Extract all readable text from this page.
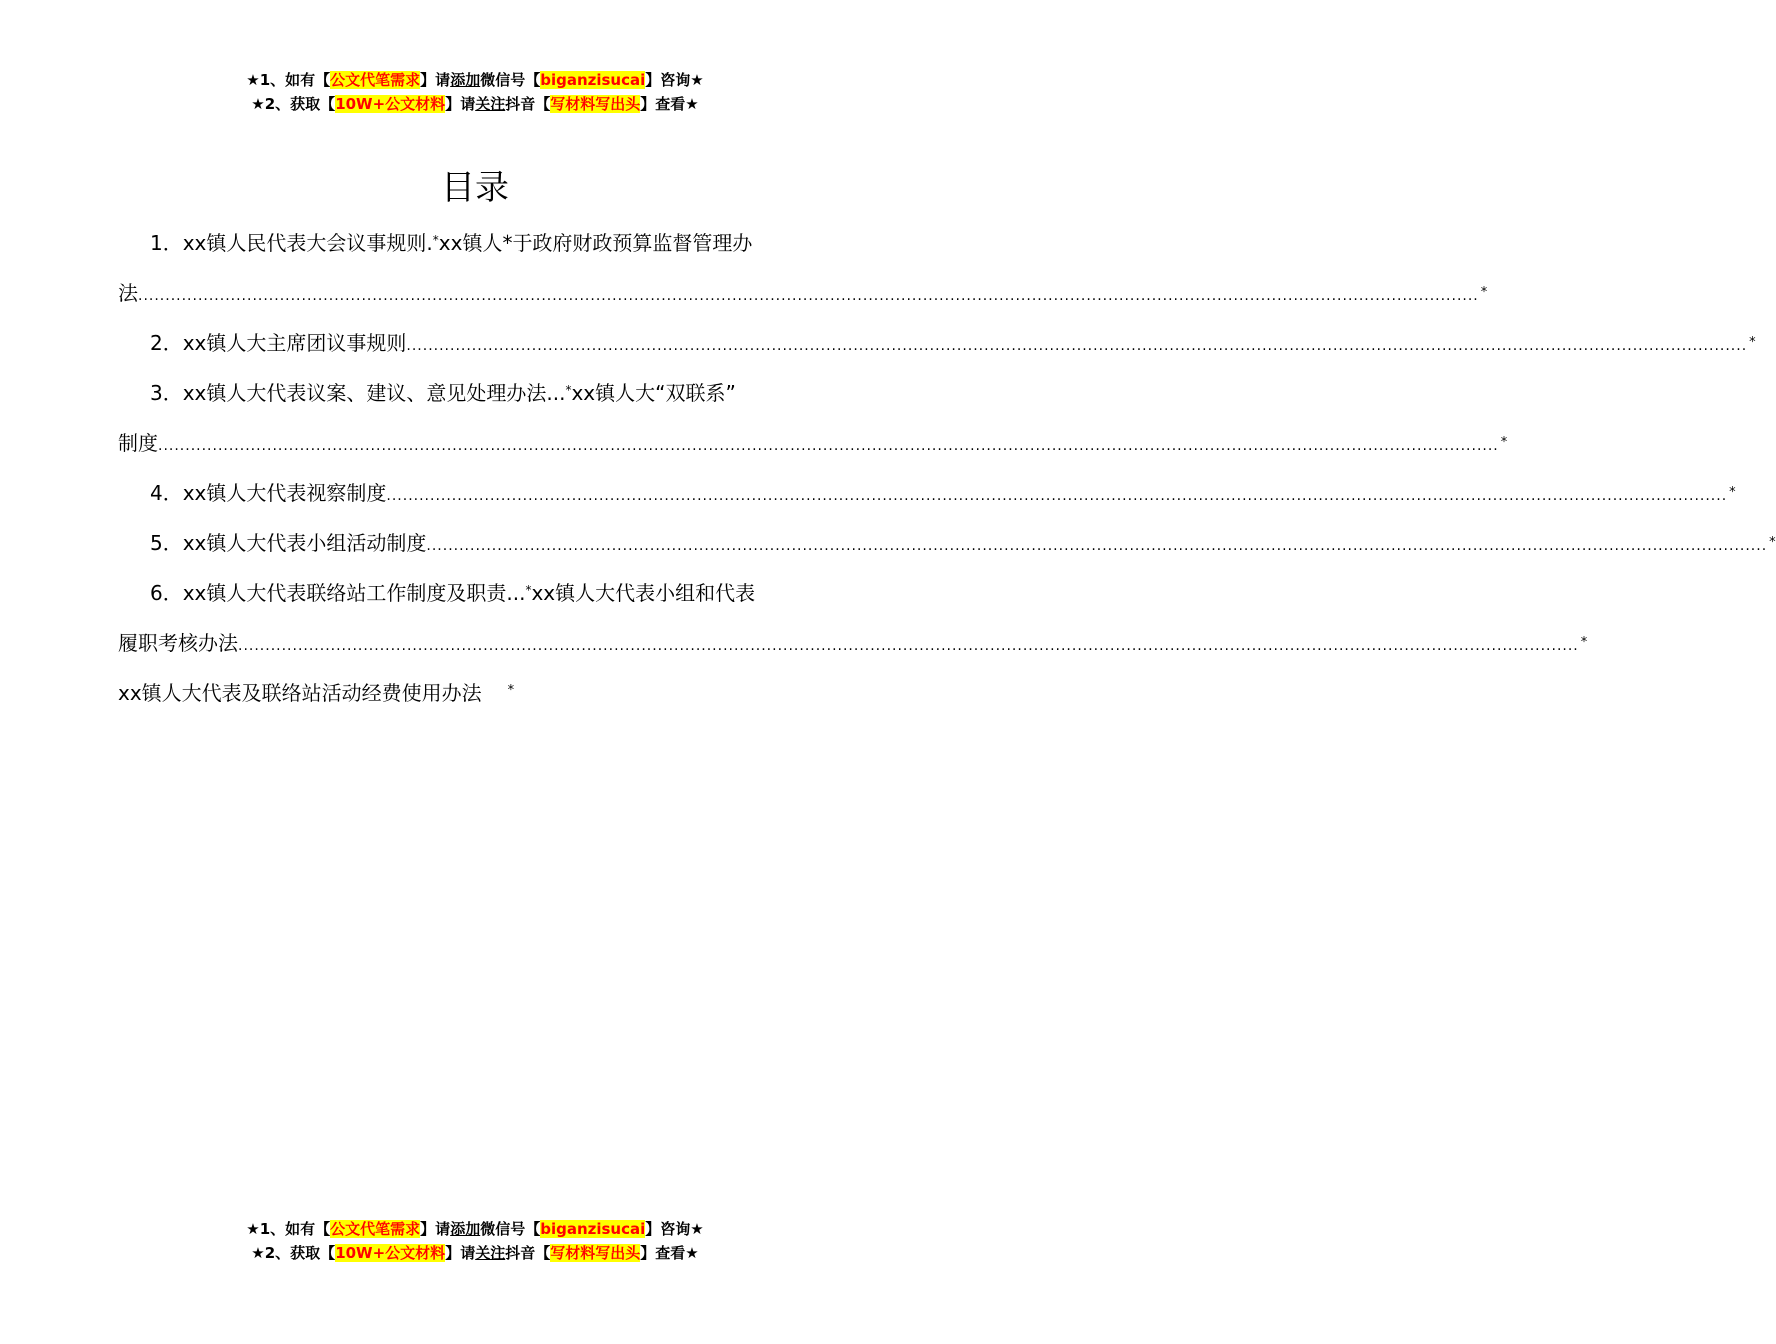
★1、如有【公文代笔需求】请添加微信号【biganzisucai】咨询★
★2、获取【10W+公文材料】请关注抖音【写材料写出头】查看★
目录
1．xx镇人民代表大会议事规则.*xx镇人*于政府财政预算监督管理办
法 ...................................................................................................................................................................................................................................................... *
2．xx镇人大主席团议事规则 ...................................................................................................................................................................................................................................................... *
3．xx镇人大代表议案、建议、意见处理办法...*xx镇人大“双联系”
制度 ...................................................................................................................................................................................................................................................... *
4．xx镇人大代表视察制度 ...................................................................................................................................................................................................................................................... *
5．xx镇人大代表小组活动制度 ...................................................................................................................................................................................................................................................... *
6．xx镇人大代表联络站工作制度及职责...*xx镇人大代表小组和代表
履职考核办法 ...................................................................................................................................................................................................................................................... *
xx镇人大代表及联络站活动经费使用办法 *
★1、如有【公文代笔需求】请添加微信号【biganzisucai】咨询★
★2、获取【10W+公文材料】请关注抖音【写材料写出头】查看★
